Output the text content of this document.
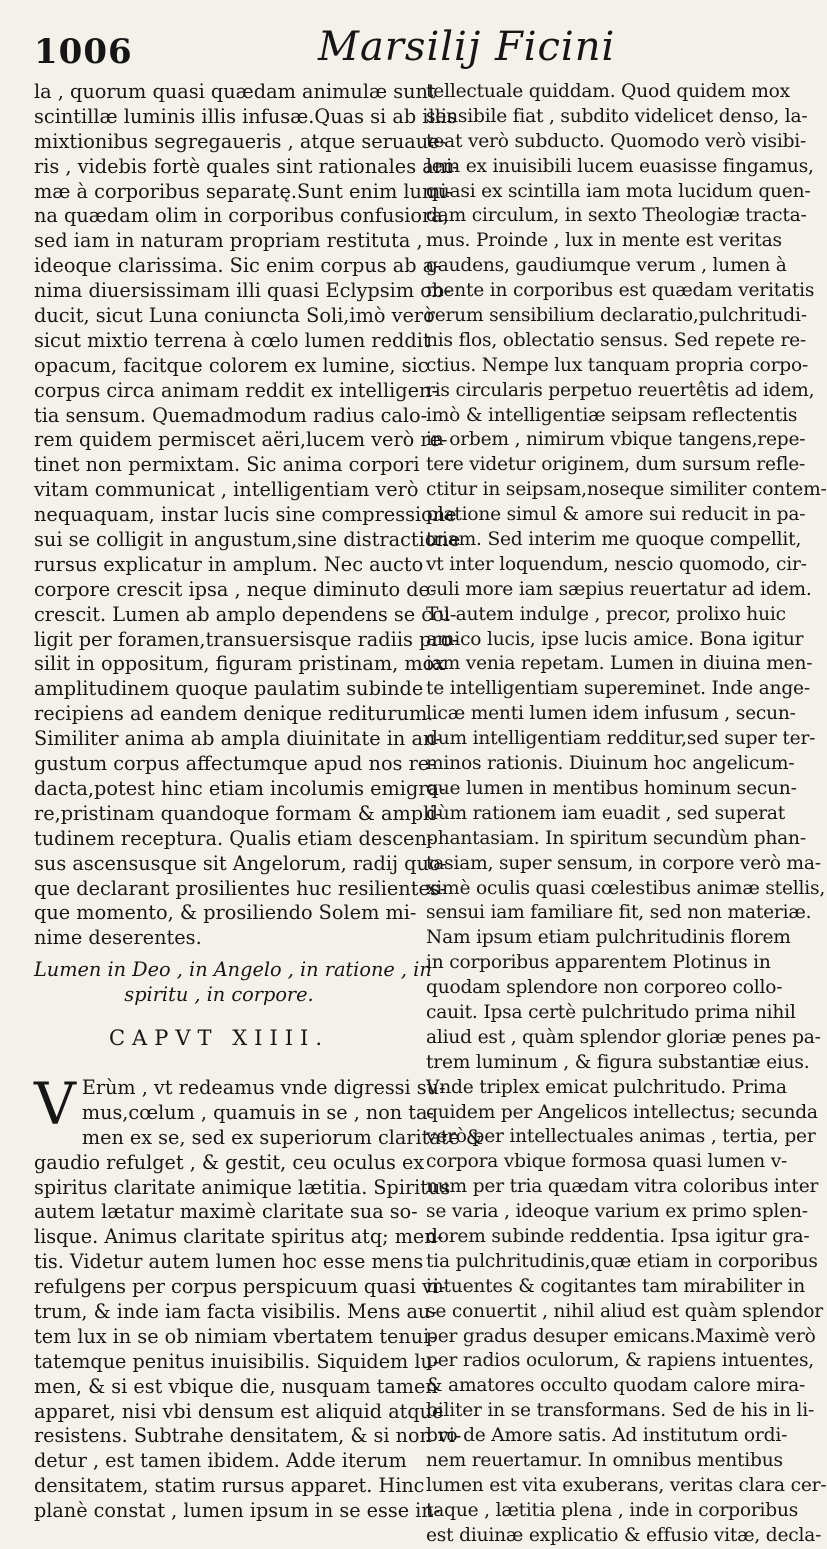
1006	Marsilij Ficini
la , quorum quasi quædam animulæ sunt
scintillæ luminis illis infusæ.Quas si ab illis
mixtionibus segregaueris , atque seruaue-
ris , videbis fortè quales sint rationales ani-
mæ à corporibus separatę.Sunt enim lumi-
na quædam olim in corporibus confusiora,
sed iam in naturam propriam restituta ,
ideoque clarissima. Sic enim corpus ab a-
nima diuersissimam illi quasi Eclypsim ob-
ducit, sicut Luna coniuncta Soli,imò verò
sicut mixtio terrena à cœlo lumen reddit
opacum, facitque colorem ex lumine, sic
corpus circa animam reddit ex intelligen-
tia sensum. Quemadmodum radius calo-
rem quidem permiscet aëri,lucem verò re-
tinet non permixtam. Sic anima corpori
vitam communicat , intelligentiam verò
nequaquam, instar lucis sine compressione
sui se colligit in angustum,sine distractione
rursus explicatur in amplum. Nec aucto
corpore crescit ipsa , neque diminuto de-
crescit. Lumen ab amplo dependens se col-
ligit per foramen,transuersisque radiis pro-
silit in oppositum, figuram pristinam, mox
amplitudinem quoque paulatim subinde
recipiens ad eandem denique rediturum.
Similiter anima ab ampla diuinitate in an-
gustum corpus affectumque apud nos re-
dacta,potest hinc etiam incolumis emigra-
re,pristinam quandoque formam & ampli-
tudinem receptura. Qualis etiam descen-
sus ascensusque sit Angelorum, radij quo-
que declarant prosilientes huc resilientes-
que momento, & prosiliendo Solem mi-
nime deserentes.
Lumen in Deo , in Angelo , in ratione , in
spiritu , in corpore.
CAPVT XIIII.
V Erùm , vt redeamus vnde digressi su-
mus,cœlum , quamuis in se , non ta-
men ex se, sed ex superiorum claritate &
gaudio refulget , & gestit, ceu oculus ex
spiritus claritate animique lætitia. Spiritus
autem lætatur maximè claritate sua so-
lisque. Animus claritate spiritus atq; men-
tis. Videtur autem lumen hoc esse mens
refulgens per corpus perspicuum quasi vi-
trum, & inde iam facta visibilis. Mens au-
tem lux in se ob nimiam vbertatem tenui-
tatemque penitus inuisibilis. Siquidem lu-
men, & si est vbique die, nusquam tamen
apparet, nisi vbi densum est aliquid atque
resistens. Subtrahe densitatem, & si non vi-
detur , est tamen ibidem. Adde iterum
densitatem, statim rursus apparet. Hinc
planè constat , lumen ipsum in se esse in-
tellectuale quiddam. Quod quidem mox
sensibile fiat , subdito videlicet denso, la-
teat verò subducto. Quomodo verò visibi-
lem ex inuisibili lucem euasisse fingamus,
quasi ex scintilla iam mota lucidum quen-
dam circulum, in sexto Theologiæ tracta-
mus. Proinde , lux in mente est veritas
gaudens, gaudiumque verum , lumen à
mente in corporibus est quædam veritatis
rerum sensibilium declaratio,pulchritudi-
nis flos, oblectatio sensus. Sed repete re-
ctius. Nempe lux tanquam propria corpo-
ris circularis perpetuo reuertêtis ad idem,
imò & intelligentiæ seipsam reflectentis
in orbem , nimirum vbique tangens,repe-
tere videtur originem, dum sursum refle-
ctitur in seipsam,noseque similiter contem-
platione simul & amore sui reducit in pa-
triam. Sed interim me quoque compellit,
vt inter loquendum, nescio quomodo, cir-
culi more iam sæpius reuertatur ad idem.
Tu autem indulge , precor, prolixo huic
amico lucis, ipse lucis amice. Bona igitur
iam venia repetam. Lumen in diuina men-
te intelligentiam supereminet. Inde ange-
licæ menti lumen idem infusum , secun-
dum intelligentiam redditur,sed super ter-
minos rationis. Diuinum hoc angelicum-
que lumen in mentibus hominum secun-
dùm rationem iam euadit , sed superat
phantasiam. In spiritum secundùm phan-
tasiam, super sensum, in corpore verò ma-
ximè oculis quasi cœlestibus animæ stellis,
sensui iam familiare fit, sed non materiæ.
Nam ipsum etiam pulchritudinis florem
in corporibus apparentem Plotinus in
quodam splendore non corporeo collo-
cauit. Ipsa certè pulchritudo prima nihil
aliud est , quàm splendor gloriæ penes pa-
trem luminum , & figura substantiæ eius.
Vnde triplex emicat pulchritudo. Prima
quidem per Angelicos intellectus; secunda
verò per intellectuales animas , tertia, per
corpora vbique formosa quasi lumen v-
num per tria quædam vitra coloribus inter
se varia , ideoque varium ex primo splen-
dorem subinde reddentia. Ipsa igitur gra-
tia pulchritudinis,quæ etiam in corporibus
intuentes & cogitantes tam mirabiliter in
se conuertit , nihil aliud est quàm splendor
per gradus desuper emicans.Maximè verò
per radios oculorum, & rapiens intuentes,
& amatores occulto quodam calore mira-
biliter in se transformans. Sed de his in li-
bro de Amore satis. Ad institutum ordi-
nem reuertamur. In omnibus mentibus
lumen est vita exuberans, veritas clara cer-
taque , lætitia plena , inde in corporibus
est diuinæ explicatio & effusio vitæ, decla-
